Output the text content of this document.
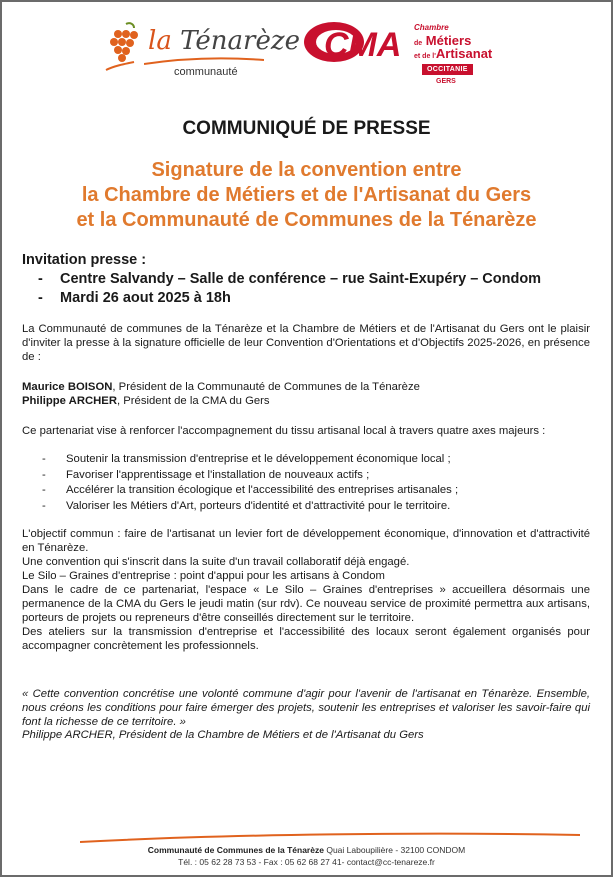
la Ténarèze
communauté
CMA Chambre
de Métiers
et de l'Artisanat
OCCITANIE
GERS
COMMUNIQUÉ DE PRESSE
Signature de la convention entre
la Chambre de Métiers et de l'Artisanat du Gers
et la Communauté de Communes de la Ténarèze
Invitation presse :
- Centre Salvandy – Salle de conférence – rue Saint-Exupéry – Condom
- Mardi 26 aout 2025 à 18h
La Communauté de communes de la Ténarèze et la Chambre de Métiers et de l'Artisanat du Gers ont le plaisir d'inviter la presse à la signature officielle de leur Convention d'Orientations et d'Objectifs 2025-2026, en présence de :
Maurice BOISON, Président de la Communauté de Communes de la Ténarèze
Philippe ARCHER, Président de la CMA du Gers
Ce partenariat vise à renforcer l'accompagnement du tissu artisanal local à travers quatre axes majeurs :
- Soutenir la transmission d'entreprise et le développement économique local ;
- Favoriser l'apprentissage et l'installation de nouveaux actifs ;
- Accélérer la transition écologique et l'accessibilité des entreprises artisanales ;
- Valoriser les Métiers d'Art, porteurs d'identité et d'attractivité pour le territoire.
L'objectif commun : faire de l'artisanat un levier fort de développement économique, d'innovation et d'attractivité en Ténarèze.
Une convention qui s'inscrit dans la suite d'un travail collaboratif déjà engagé.
Le Silo – Graines d'entreprise : point d'appui pour les artisans à Condom
Dans le cadre de ce partenariat, l'espace « Le Silo – Graines d'entreprises » accueillera désormais une permanence de la CMA du Gers le jeudi matin (sur rdv). Ce nouveau service de proximité permettra aux artisans, porteurs de projets ou repreneurs d'être conseillés directement sur le territoire.
Des ateliers sur la transmission d'entreprise et l'accessibilité des locaux seront également organisés pour accompagner concrètement les professionnels.
« Cette convention concrétise une volonté commune d'agir pour l'avenir de l'artisanat en Ténarèze. Ensemble, nous créons les conditions pour faire émerger des projets, soutenir les entreprises et valoriser les savoir-faire qui font la richesse de ce territoire. »
Philippe ARCHER, Président de la Chambre de Métiers et de l'Artisanat du Gers
Communauté de Communes de la Ténarèze Quai Laboupilière - 32100 CONDOM
Tél. : 05 62 28 73 53 - Fax : 05 62 68 27 41- contact@cc-tenareze.fr
